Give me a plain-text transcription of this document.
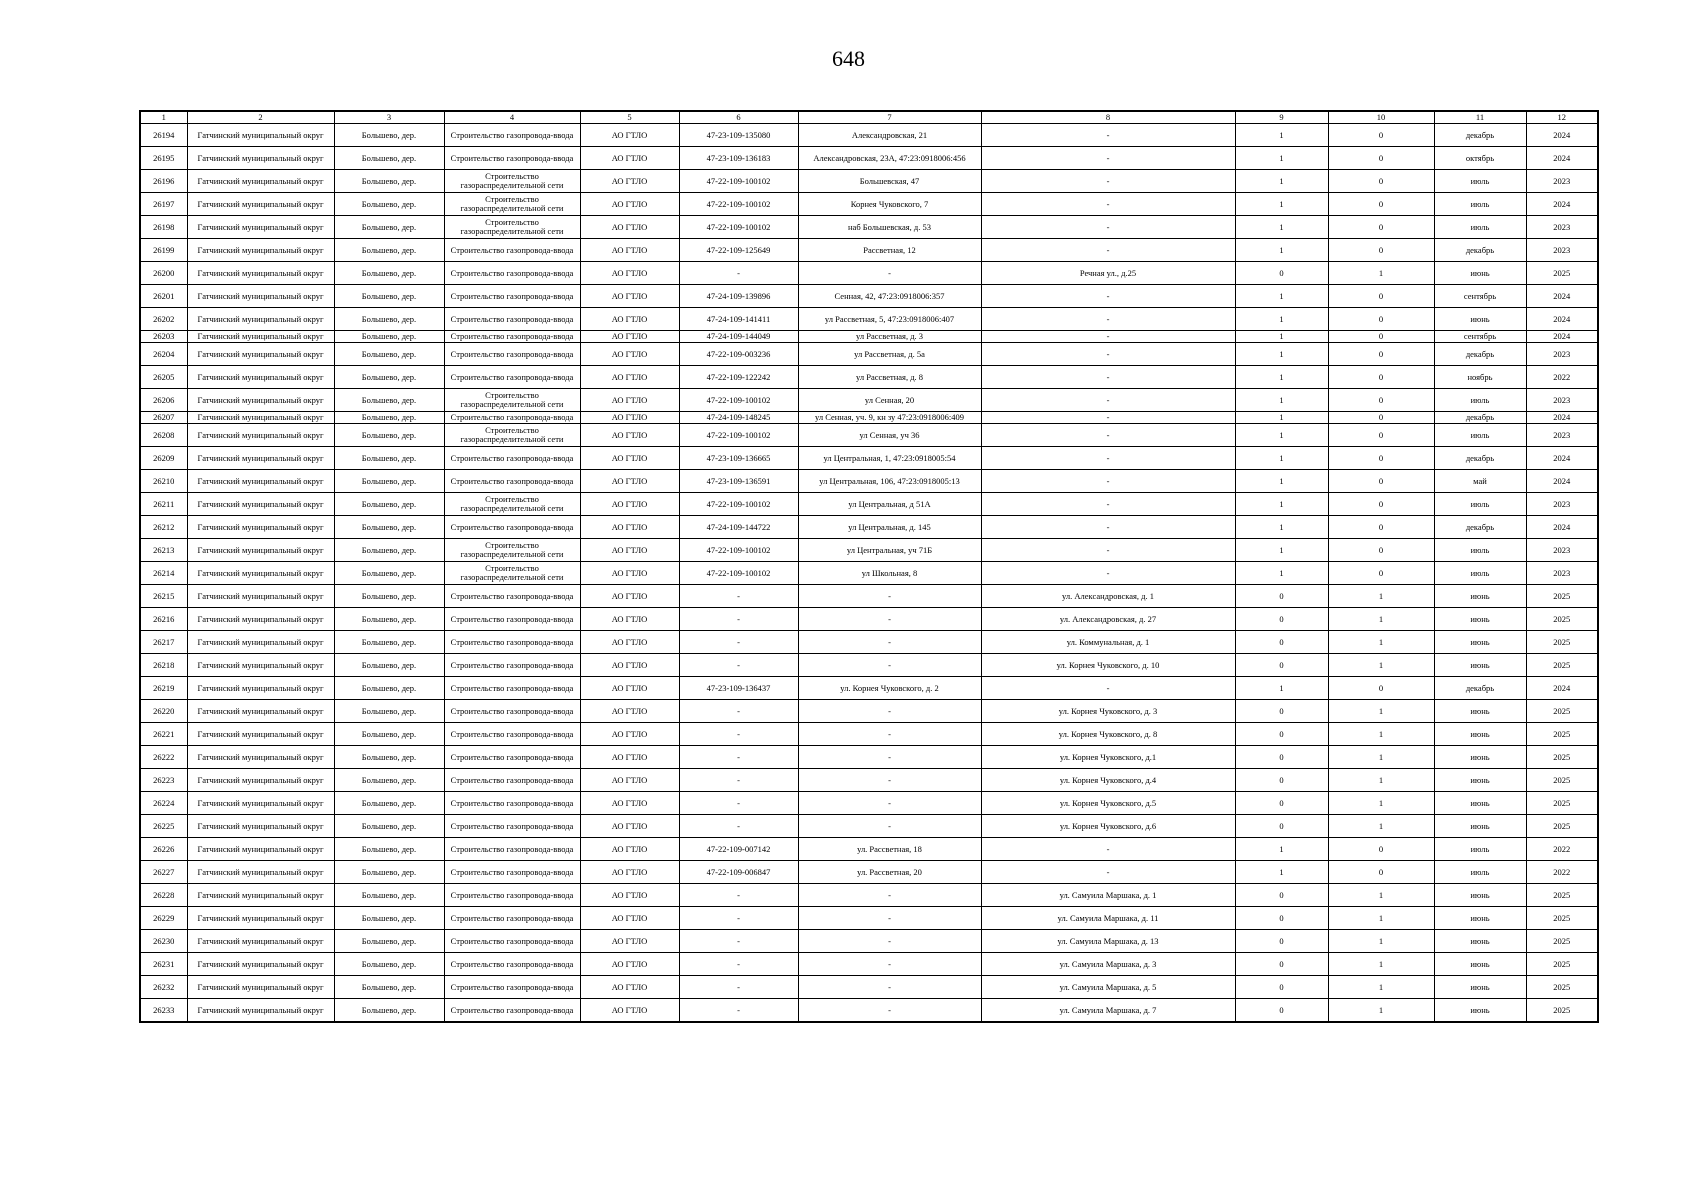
648
1	2	3	4	5	6	7	8	9	10	11	12
26194	Гатчинский муниципальный округ	Большево, дер.	Строительство газопровода-ввода	АО ГТЛО	47-23-109-135080	Александровская, 21	-	1	0	декабрь	2024
26195	Гатчинский муниципальный округ	Большево, дер.	Строительство газопровода-ввода	АО ГТЛО	47-23-109-136183	Александровская, 23А, 47:23:0918006:456	-	1	0	октябрь	2024
26196	Гатчинский муниципальный округ	Большево, дер.	Строительство газораспределительной сети	АО ГТЛО	47-22-109-100102	Большевская, 47	-	1	0	июль	2023
26197	Гатчинский муниципальный округ	Большево, дер.	Строительство газораспределительной сети	АО ГТЛО	47-22-109-100102	Корнея Чуковского, 7	-	1	0	июль	2024
26198	Гатчинский муниципальный округ	Большево, дер.	Строительство газораспределительной сети	АО ГТЛО	47-22-109-100102	наб Большевская, д. 53	-	1	0	июль	2023
26199	Гатчинский муниципальный округ	Большево, дер.	Строительство газопровода-ввода	АО ГТЛО	47-22-109-125649	Рассветная, 12	-	1	0	декабрь	2023
26200	Гатчинский муниципальный округ	Большево, дер.	Строительство газопровода-ввода	АО ГТЛО	-	-	Речная ул., д.25	0	1	июнь	2025
26201	Гатчинский муниципальный округ	Большево, дер.	Строительство газопровода-ввода	АО ГТЛО	47-24-109-139896	Сенная, 42, 47:23:0918006:357	-	1	0	сентябрь	2024
26202	Гатчинский муниципальный округ	Большево, дер.	Строительство газопровода-ввода	АО ГТЛО	47-24-109-141411	ул Рассветная, 5, 47:23:0918006:407	-	1	0	июнь	2024
26203	Гатчинский муниципальный округ	Большево, дер.	Строительство газопровода-ввода	АО ГТЛО	47-24-109-144049	ул Рассветная, д. 3	-	1	0	сентябрь	2024
26204	Гатчинский муниципальный округ	Большево, дер.	Строительство газопровода-ввода	АО ГТЛО	47-22-109-003236	ул Рассветная, д. 5а	-	1	0	декабрь	2023
26205	Гатчинский муниципальный округ	Большево, дер.	Строительство газопровода-ввода	АО ГТЛО	47-22-109-122242	ул Рассветная, д. 8	-	1	0	ноябрь	2022
26206	Гатчинский муниципальный округ	Большево, дер.	Строительство газораспределительной сети	АО ГТЛО	47-22-109-100102	ул Сенная, 20	-	1	0	июль	2023
26207	Гатчинский муниципальный округ	Большево, дер.	Строительство газопровода-ввода	АО ГТЛО	47-24-109-148245	ул Сенная, уч. 9, кн зу 47:23:0918006:409	-	1	0	декабрь	2024
26208	Гатчинский муниципальный округ	Большево, дер.	Строительство газораспределительной сети	АО ГТЛО	47-22-109-100102	ул Сенная, уч 36	-	1	0	июль	2023
26209	Гатчинский муниципальный округ	Большево, дер.	Строительство газопровода-ввода	АО ГТЛО	47-23-109-136665	ул Центральная, 1, 47:23:0918005:54	-	1	0	декабрь	2024
26210	Гатчинский муниципальный округ	Большево, дер.	Строительство газопровода-ввода	АО ГТЛО	47-23-109-136591	ул Центральная, 106, 47:23:0918005:13	-	1	0	май	2024
26211	Гатчинский муниципальный округ	Большево, дер.	Строительство газораспределительной сети	АО ГТЛО	47-22-109-100102	ул Центральная, д 51А	-	1	0	июль	2023
26212	Гатчинский муниципальный округ	Большево, дер.	Строительство газопровода-ввода	АО ГТЛО	47-24-109-144722	ул Центральная, д. 145	-	1	0	декабрь	2024
26213	Гатчинский муниципальный округ	Большево, дер.	Строительство газораспределительной сети	АО ГТЛО	47-22-109-100102	ул Центральная, уч 71Б	-	1	0	июль	2023
26214	Гатчинский муниципальный округ	Большево, дер.	Строительство газораспределительной сети	АО ГТЛО	47-22-109-100102	ул Школьная, 8	-	1	0	июль	2023
26215	Гатчинский муниципальный округ	Большево, дер.	Строительство газопровода-ввода	АО ГТЛО	-	-	ул. Александровская, д. 1	0	1	июнь	2025
26216	Гатчинский муниципальный округ	Большево, дер.	Строительство газопровода-ввода	АО ГТЛО	-	-	ул. Александровская, д. 27	0	1	июнь	2025
26217	Гатчинский муниципальный округ	Большево, дер.	Строительство газопровода-ввода	АО ГТЛО	-	-	ул. Коммунальная, д. 1	0	1	июнь	2025
26218	Гатчинский муниципальный округ	Большево, дер.	Строительство газопровода-ввода	АО ГТЛО	-	-	ул. Корнея Чуковского, д. 10	0	1	июнь	2025
26219	Гатчинский муниципальный округ	Большево, дер.	Строительство газопровода-ввода	АО ГТЛО	47-23-109-136437	ул. Корнея Чуковского, д. 2	-	1	0	декабрь	2024
26220	Гатчинский муниципальный округ	Большево, дер.	Строительство газопровода-ввода	АО ГТЛО	-	-	ул. Корнея Чуковского, д. 3	0	1	июнь	2025
26221	Гатчинский муниципальный округ	Большево, дер.	Строительство газопровода-ввода	АО ГТЛО	-	-	ул. Корнея Чуковского, д. 8	0	1	июнь	2025
26222	Гатчинский муниципальный округ	Большево, дер.	Строительство газопровода-ввода	АО ГТЛО	-	-	ул. Корнея Чуковского, д.1	0	1	июнь	2025
26223	Гатчинский муниципальный округ	Большево, дер.	Строительство газопровода-ввода	АО ГТЛО	-	-	ул. Корнея Чуковского, д.4	0	1	июнь	2025
26224	Гатчинский муниципальный округ	Большево, дер.	Строительство газопровода-ввода	АО ГТЛО	-	-	ул. Корнея Чуковского, д.5	0	1	июнь	2025
26225	Гатчинский муниципальный округ	Большево, дер.	Строительство газопровода-ввода	АО ГТЛО	-	-	ул. Корнея Чуковского, д.6	0	1	июнь	2025
26226	Гатчинский муниципальный округ	Большево, дер.	Строительство газопровода-ввода	АО ГТЛО	47-22-109-007142	ул. Рассветная, 18	-	1	0	июль	2022
26227	Гатчинский муниципальный округ	Большево, дер.	Строительство газопровода-ввода	АО ГТЛО	47-22-109-006847	ул. Рассветная, 20	-	1	0	июль	2022
26228	Гатчинский муниципальный округ	Большево, дер.	Строительство газопровода-ввода	АО ГТЛО	-	-	ул. Самуила Маршака, д. 1	0	1	июнь	2025
26229	Гатчинский муниципальный округ	Большево, дер.	Строительство газопровода-ввода	АО ГТЛО	-	-	ул. Самуила Маршака, д. 11	0	1	июнь	2025
26230	Гатчинский муниципальный округ	Большево, дер.	Строительство газопровода-ввода	АО ГТЛО	-	-	ул. Самуила Маршака, д. 13	0	1	июнь	2025
26231	Гатчинский муниципальный округ	Большево, дер.	Строительство газопровода-ввода	АО ГТЛО	-	-	ул. Самуила Маршака, д. 3	0	1	июнь	2025
26232	Гатчинский муниципальный округ	Большево, дер.	Строительство газопровода-ввода	АО ГТЛО	-	-	ул. Самуила Маршака, д. 5	0	1	июнь	2025
26233	Гатчинский муниципальный округ	Большево, дер.	Строительство газопровода-ввода	АО ГТЛО	-	-	ул. Самуила Маршака, д. 7	0	1	июнь	2025
